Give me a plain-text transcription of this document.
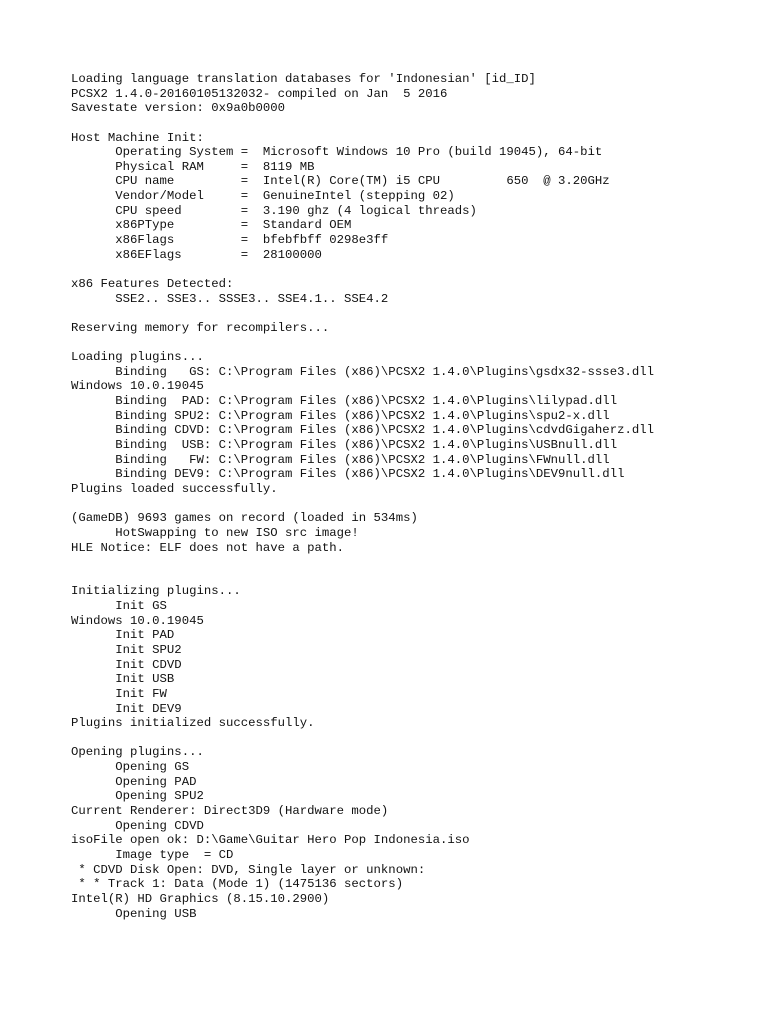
Loading language translation databases for 'Indonesian' [id_ID]
PCSX2 1.4.0-20160105132032- compiled on Jan  5 2016
Savestate version: 0x9a0b0000
Host Machine Init:
Operating System =  Microsoft Windows 10 Pro (build 19045), 64-bit
Physical RAM     =  8119 MB
CPU name         =  Intel(R) Core(TM) i5 CPU         650  @ 3.20GHz
Vendor/Model     =  GenuineIntel (stepping 02)
CPU speed        =  3.190 ghz (4 logical threads)
x86PType         =  Standard OEM
x86Flags         =  bfebfbff 0298e3ff
x86EFlags        =  28100000
x86 Features Detected:
SSE2.. SSE3.. SSSE3.. SSE4.1.. SSE4.2
Reserving memory for recompilers...
Loading plugins...
Binding   GS: C:\Program Files (x86)\PCSX2 1.4.0\Plugins\gsdx32-ssse3.dll
Windows 10.0.19045
Binding  PAD: C:\Program Files (x86)\PCSX2 1.4.0\Plugins\lilypad.dll
Binding SPU2: C:\Program Files (x86)\PCSX2 1.4.0\Plugins\spu2-x.dll
Binding CDVD: C:\Program Files (x86)\PCSX2 1.4.0\Plugins\cdvdGigaherz.dll
Binding  USB: C:\Program Files (x86)\PCSX2 1.4.0\Plugins\USBnull.dll
Binding   FW: C:\Program Files (x86)\PCSX2 1.4.0\Plugins\FWnull.dll
Binding DEV9: C:\Program Files (x86)\PCSX2 1.4.0\Plugins\DEV9null.dll
Plugins loaded successfully.
(GameDB) 9693 games on record (loaded in 534ms)
HotSwapping to new ISO src image!
HLE Notice: ELF does not have a path.
Initializing plugins...
Init GS
Windows 10.0.19045
Init PAD
Init SPU2
Init CDVD
Init USB
Init FW
Init DEV9
Plugins initialized successfully.
Opening plugins...
Opening GS
Opening PAD
Opening SPU2
Current Renderer: Direct3D9 (Hardware mode)
Opening CDVD
isoFile open ok: D:\Game\Guitar Hero Pop Indonesia.iso
Image type  = CD
* CDVD Disk Open: DVD, Single layer or unknown:
* * Track 1: Data (Mode 1) (1475136 sectors)
Intel(R) HD Graphics (8.15.10.2900)
Opening USB
